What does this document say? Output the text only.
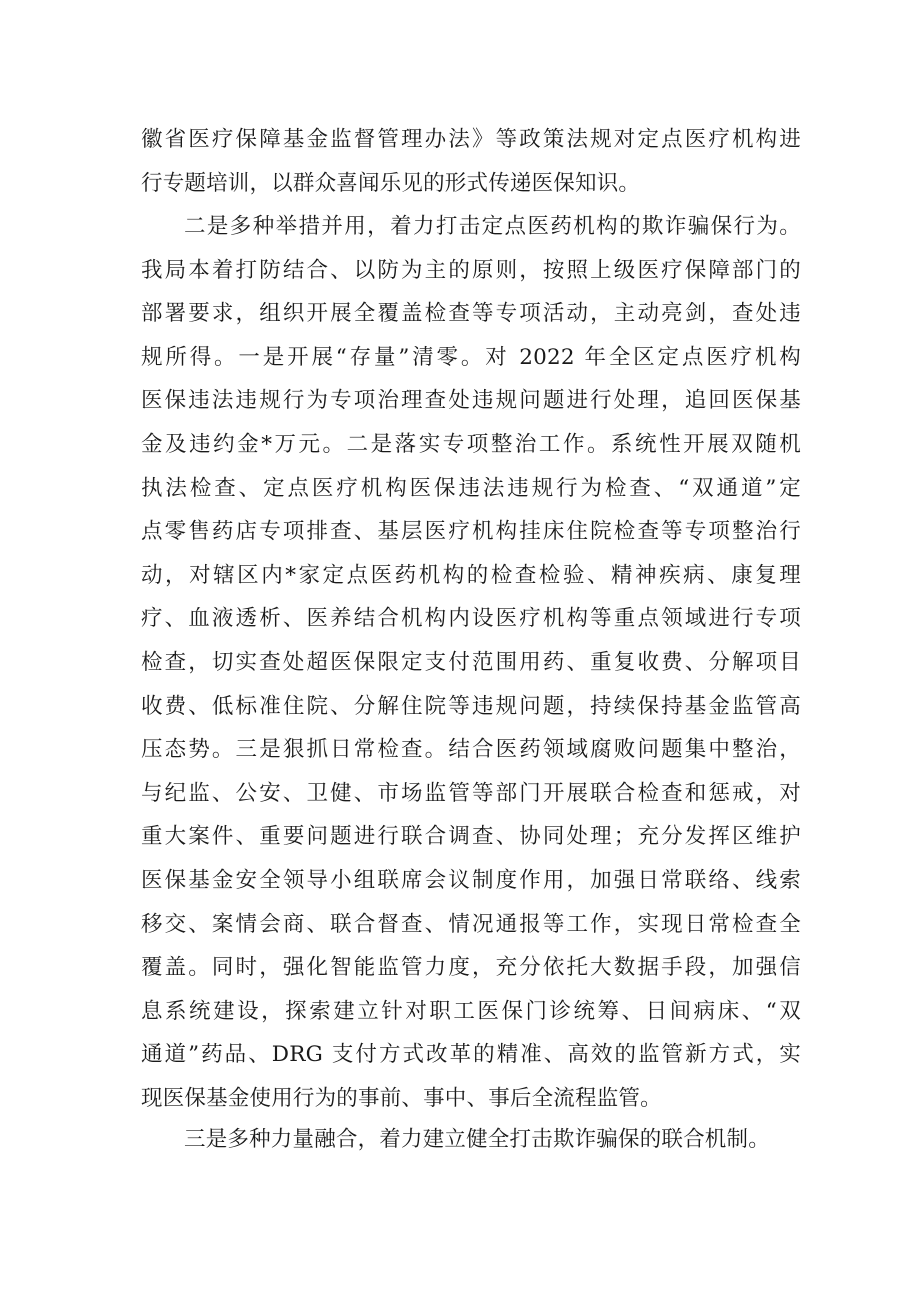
徽省医疗保障基金监督管理办法》等政策法规对定点医疗机构进
行专题培训，以群众喜闻乐见的形式传递医保知识。
二是多种举措并用，着力打击定点医药机构的欺诈骗保行为。
我局本着打防结合、以防为主的原则，按照上级医疗保障部门的
部署要求，组织开展全覆盖检查等专项活动，主动亮剑，查处违
规所得。一是开展“存量”清零。对 2022 年全区定点医疗机构
医保违法违规行为专项治理查处违规问题进行处理，追回医保基
金及违约金*万元。二是落实专项整治工作。系统性开展双随机
执法检查、定点医疗机构医保违法违规行为检查、“双通道”定
点零售药店专项排查、基层医疗机构挂床住院检查等专项整治行
动，对辖区内*家定点医药机构的检查检验、精神疾病、康复理
疗、血液透析、医养结合机构内设医疗机构等重点领域进行专项
检查，切实查处超医保限定支付范围用药、重复收费、分解项目
收费、低标准住院、分解住院等违规问题，持续保持基金监管高
压态势。三是狠抓日常检查。结合医药领域腐败问题集中整治，
与纪监、公安、卫健、市场监管等部门开展联合检查和惩戒，对
重大案件、重要问题进行联合调查、协同处理；充分发挥区维护
医保基金安全领导小组联席会议制度作用，加强日常联络、线索
移交、案情会商、联合督查、情况通报等工作，实现日常检查全
覆盖。同时，强化智能监管力度，充分依托大数据手段，加强信
息系统建设，探索建立针对职工医保门诊统筹、日间病床、“双
通道”药品、DRG 支付方式改革的精准、高效的监管新方式，实
现医保基金使用行为的事前、事中、事后全流程监管。
三是多种力量融合，着力建立健全打击欺诈骗保的联合机制。
